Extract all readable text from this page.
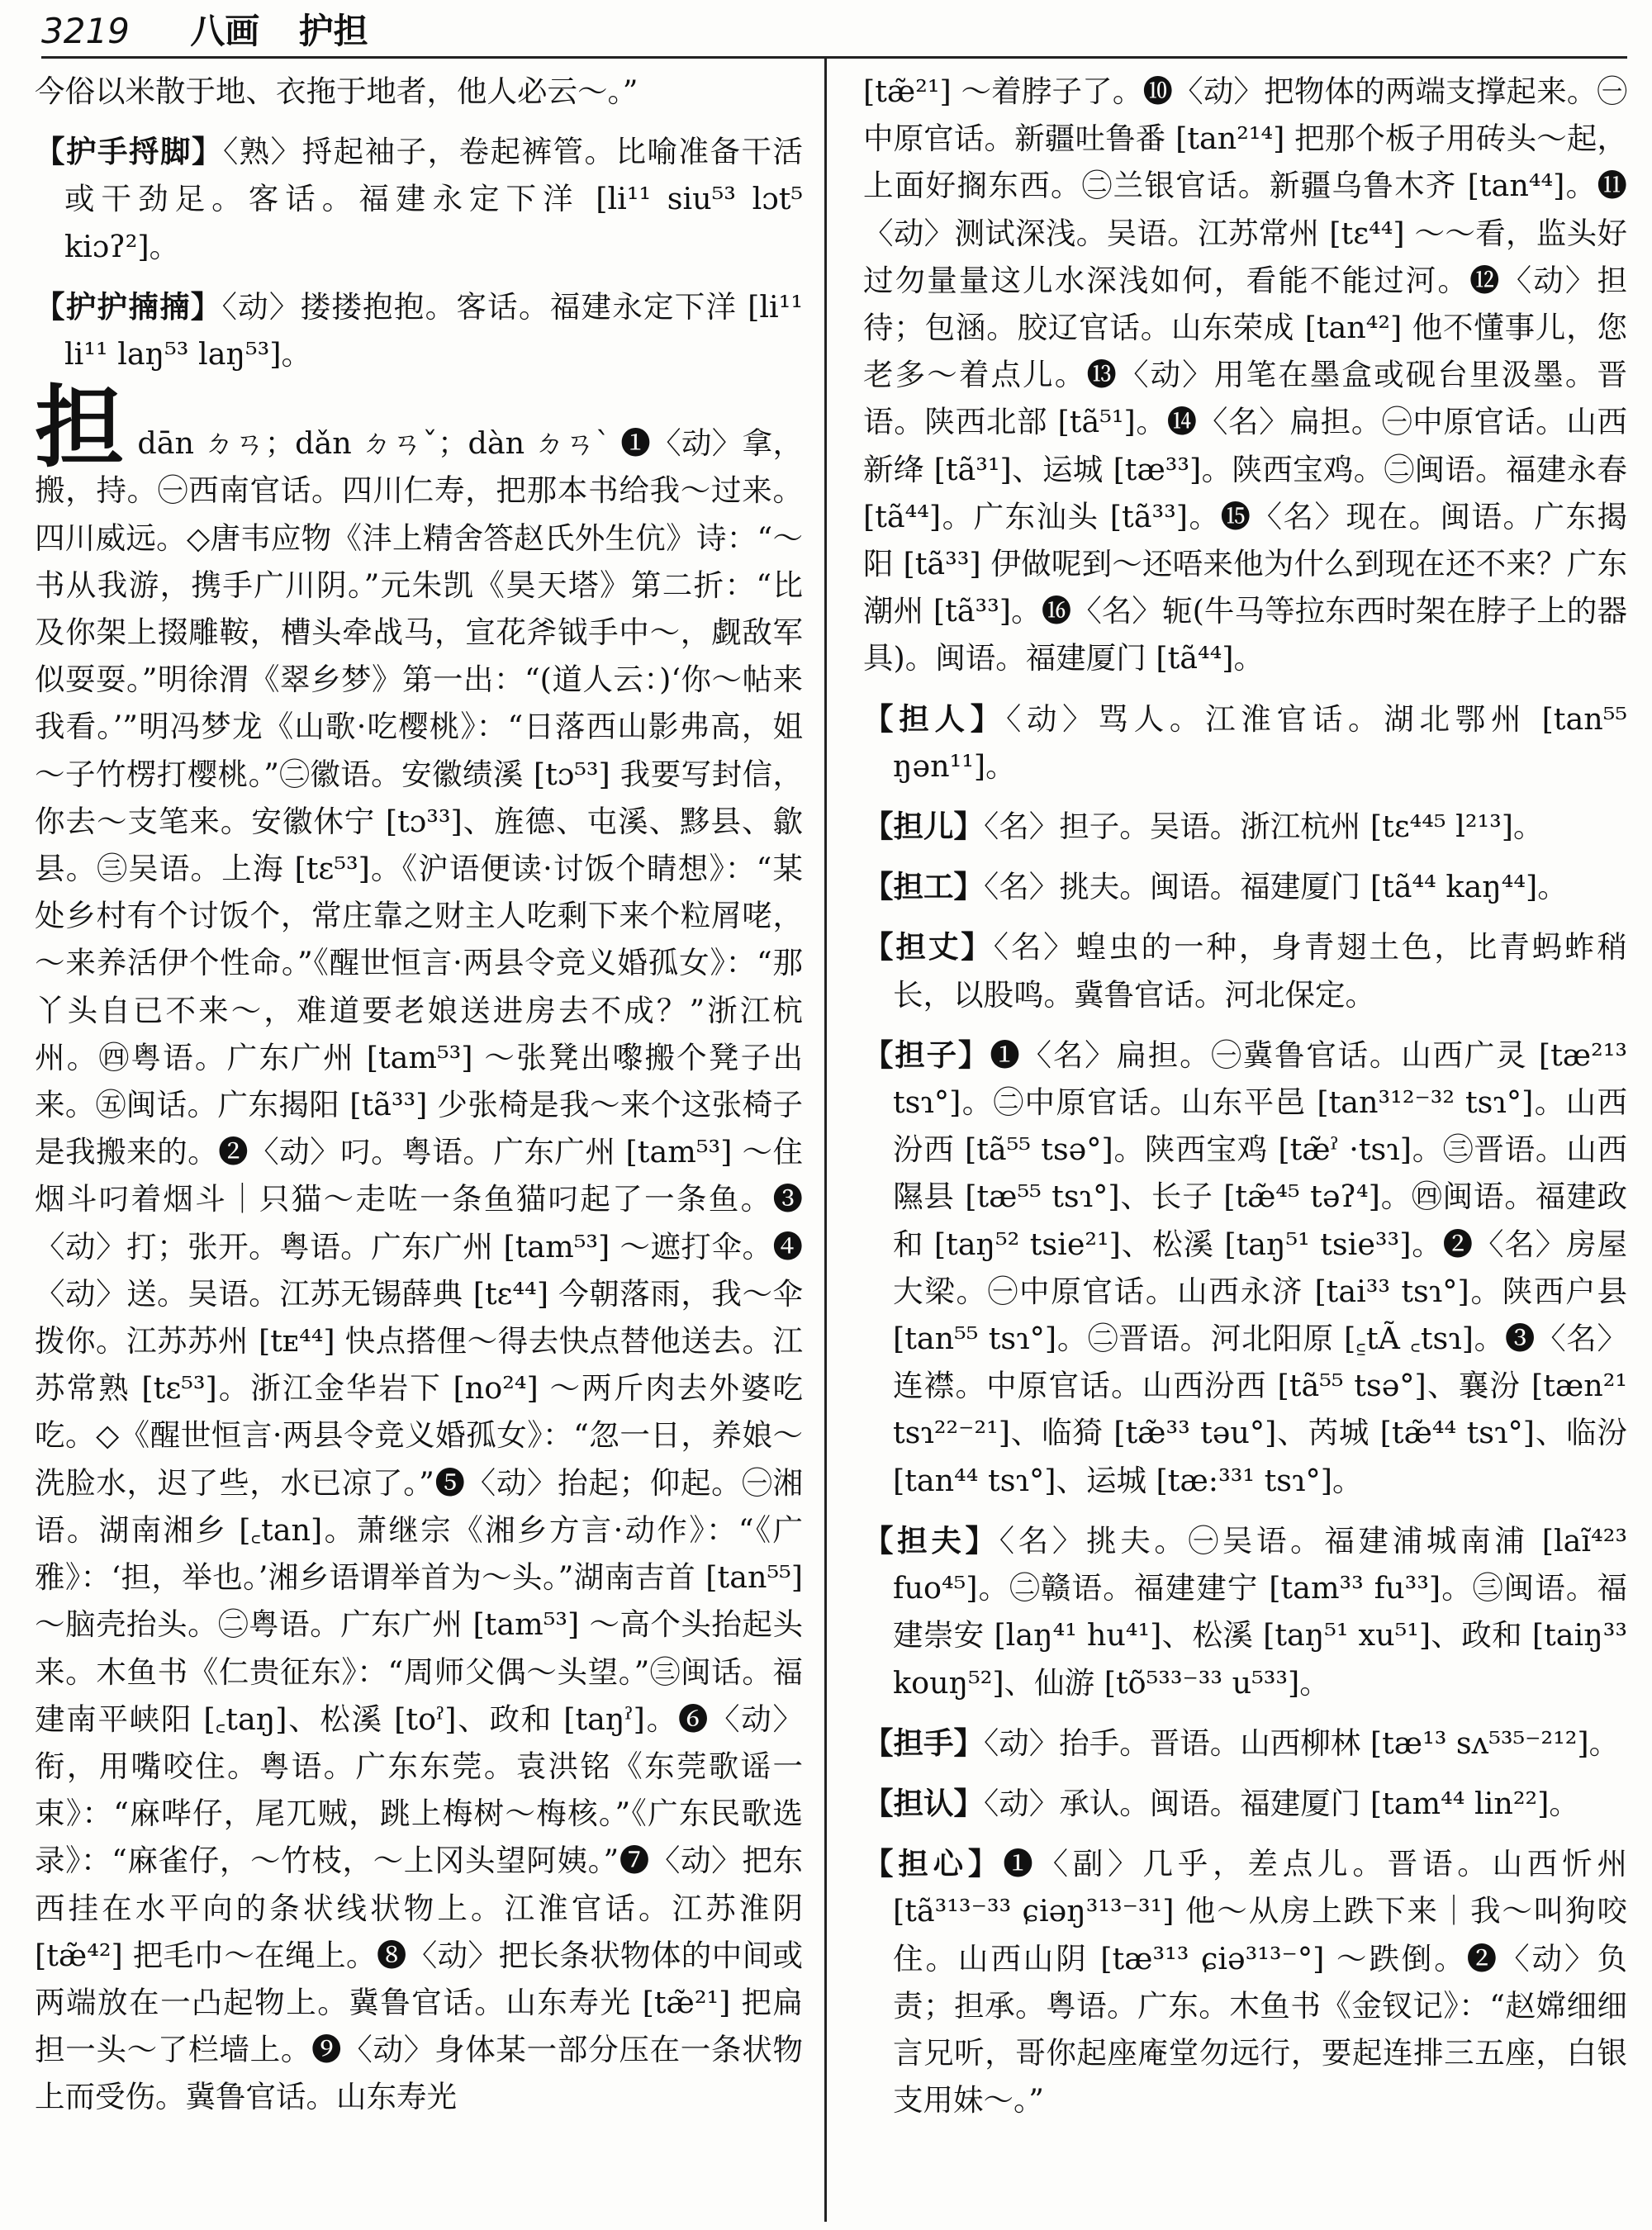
3219 八画 护担

今俗以米散于地、衣拖于地者，他人必云～。”

【护手捋脚】〈熟〉捋起袖子，卷起裤管。比喻准备干活或干劲足。客话。福建永定下洋 [li¹¹ siu⁵³ lɔt⁵ kiɔʔ²]。

【护护揇揇】〈动〉搂搂抱抱。客话。福建永定下洋 [li¹¹ li¹¹ laŋ⁵³ laŋ⁵³]。

担dān ㄉㄢ；dǎn ㄉㄢˇ；dàn ㄉㄢˋ ❶〈动〉拿，搬，持。㊀西南官话。四川仁寿，把那本书给我～过来。四川威远。◇唐韦应物《沣上精舍答赵氏外生伉》诗：“～书从我游，携手广川阴。”元朱凯《昊天塔》第二折：“比及你架上掇雕鞍，槽头牵战马，宣花斧钺手中～，觑敌军似耍耍。”明徐渭《翠乡梦》第一出：“(道人云：)‘你～帖来我看。’”明冯梦龙《山歌·吃樱桃》：“日落西山影弗高，姐～子竹楞打樱桃。”㊁徽语。安徽绩溪 [tɔ⁵³] 我要写封信，你去～支笔来。安徽休宁 [tɔ³³]、旌德、屯溪、黟县、歙县。㊂吴语。上海 [tɛ⁵³]。《沪语便读·讨饭个睛想》：“某处乡村有个讨饭个，常庄靠之财主人吃剩下来个粒屑咾，～来养活伊个性命。”《醒世恒言·两县令竞义婚孤女》：“那丫头自已不来～，难道要老娘送进房去不成？”浙江杭州。㊃粤语。广东广州 [tam⁵³] ～张凳出嚟搬个凳子出来。㊄闽话。广东揭阳 [tã³³] 少张椅是我～来个这张椅子是我搬来的。❷〈动〉叼。粤语。广东广州 [tam⁵³] ～住烟斗叼着烟斗｜只猫～走咗一条鱼猫叼起了一条鱼。❸〈动〉打；张开。粤语。广东广州 [tam⁵³] ～遮打伞。❹〈动〉送。吴语。江苏无锡薛典 [tɛ⁴⁴] 今朝落雨，我～伞拨你。江苏苏州 [tᴇ⁴⁴] 快点搭俚～得去快点替他送去。江苏常熟 [tɛ⁵³]。浙江金华岩下 [no²⁴] ～两斤肉去外婆吃吃。◇《醒世恒言·两县令竞义婚孤女》：“忽一日，养娘～洗脸水，迟了些，水已凉了。”❺〈动〉抬起；仰起。㊀湘语。湖南湘乡 [꜀tan]。萧继宗《湘乡方言·动作》：“《广雅》：‘担，举也。’湘乡语谓举首为～头。”湖南吉首 [tan⁵⁵] ～脑壳抬头。㊁粤语。广东广州 [tam⁵³] ～高个头抬起头来。木鱼书《仁贵征东》：“周师父偶～头望。”㊂闽话。福建南平峡阳 [꜀taŋ]、松溪 [toˀ]、政和 [taŋˀ]。❻〈动〉衔，用嘴咬住。粤语。广东东莞。袁洪铭《东莞歌谣一束》：“麻哔仔，尾兀贼，跳上梅树～梅核。”《广东民歌选录》：“麻雀仔，～竹枝，～上冈头望阿姨。”❼〈动〉把东西挂在水平向的条状线状物上。江淮官话。江苏淮阴 [tæ̃⁴²] 把毛巾～在绳上。❽〈动〉把长条状物体的中间或两端放在一凸起物上。冀鲁官话。山东寿光 [tæ̃²¹] 把扁担一头～了栏墙上。❾〈动〉身体某一部分压在一条状物上而受伤。冀鲁官话。山东寿光

[tæ̃²¹] ～着脖子了。❿〈动〉把物体的两端支撑起来。㊀中原官话。新疆吐鲁番 [tan²¹⁴] 把那个板子用砖头～起，上面好搁东西。㊁兰银官话。新疆乌鲁木齐 [tan⁴⁴]。⓫〈动〉测试深浅。吴语。江苏常州 [tɛ⁴⁴] ～～看，监头好过勿量量这儿水深浅如何，看能不能过河。⓬〈动〉担待；包涵。胶辽官话。山东荣成 [tan⁴²] 他不懂事儿，您老多～着点儿。⓭〈动〉用笔在墨盒或砚台里汲墨。晋语。陕西北部 [tã⁵¹]。⓮〈名〉扁担。㊀中原官话。山西新绛 [tã³¹]、运城 [tæ³³]。陕西宝鸡。㊁闽语。福建永春 [tã⁴⁴]。广东汕头 [tã³³]。⓯〈名〉现在。闽语。广东揭阳 [tã³³] 伊做呢到～还唔来他为什么到现在还不来？广东潮州 [tã³³]。⓰〈名〉轭(牛马等拉东西时架在脖子上的器具)。闽语。福建厦门 [tã⁴⁴]。

【担人】〈动〉骂人。江淮官话。湖北鄂州 [tan⁵⁵ ŋən¹¹]。

【担儿】〈名〉担子。吴语。浙江杭州 [tɛ⁴⁴⁵ l²¹³]。

【担工】〈名〉挑夫。闽语。福建厦门 [tã⁴⁴ kaŋ⁴⁴]。

【担丈】〈名〉蝗虫的一种，身青翅土色，比青蚂蚱稍长，以股鸣。冀鲁官话。河北保定。

【担子】❶〈名〉扁担。㊀冀鲁官话。山西广灵 [tæ²¹³ tsɿ°]。㊁中原官话。山东平邑 [tan³¹²⁻³² tsɿ°]。山西汾西 [tã⁵⁵ tsə°]。陕西宝鸡 [tæ̃ˀ ·tsɿ]。㊂晋语。山西隰县 [tæ⁵⁵ tsɿ°]、长子 [tæ̃⁴⁵ təʔ⁴]。㊃闽语。福建政和 [taŋ⁵² tsie²¹]、松溪 [taŋ⁵¹ tsie³³]。❷〈名〉房屋大梁。㊀中原官话。山西永济 [tai³³ tsɿ°]。陕西户县 [tan⁵⁵ tsɿ°]。㊁晋语。河北阳原 [꜁tÃ ꜀tsɿ]。❸〈名〉连襟。中原官话。山西汾西 [tã⁵⁵ tsə°]、襄汾 [tæn²¹ tsɿ²²⁻²¹]、临猗 [tæ̃³³ təu°]、芮城 [tæ̃⁴⁴ tsɿ°]、临汾 [tan⁴⁴ tsɿ°]、运城 [tæ:³³¹ tsɿ°]。

【担夫】〈名〉挑夫。㊀吴语。福建浦城南浦 [laĩ⁴²³ fuo⁴⁵]。㊁赣语。福建建宁 [tam³³ fu³³]。㊂闽语。福建崇安 [laŋ⁴¹ hu⁴¹]、松溪 [taŋ⁵¹ xu⁵¹]、政和 [taiŋ³³ kouŋ⁵²]、仙游 [tõ⁵³³⁻³³ u⁵³³]。

【担手】〈动〉抬手。晋语。山西柳林 [tæ¹³ sʌ⁵³⁵⁻²¹²]。

【担认】〈动〉承认。闽语。福建厦门 [tam⁴⁴ lin²²]。

【担心】❶〈副〉几乎，差点儿。晋语。山西忻州 [tã³¹³⁻³³ ɕiəŋ³¹³⁻³¹] 他～从房上跌下来｜我～叫狗咬住。山西山阴 [tæ³¹³ ɕiə³¹³⁻°] ～跌倒。❷〈动〉负责；担承。粤语。广东。木鱼书《金钗记》：“赵嫦细细言兄听，哥你起座庵堂勿远行，要起连排三五座，白银支用妹～。”
